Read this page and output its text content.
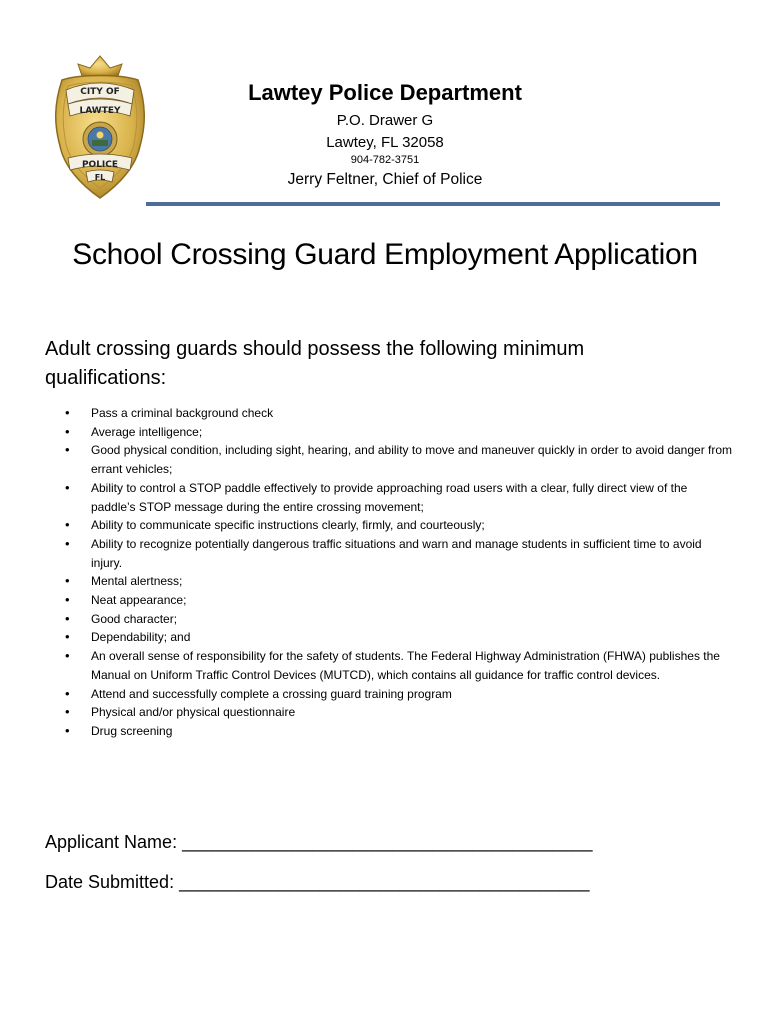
CITY OF
LAWTEY
POLICE
FL
Lawtey Police Department
P.O. Drawer G
Lawtey, FL 32058
904-782-3751
Jerry Feltner, Chief of Police
School Crossing Guard Employment Application
Adult crossing guards should possess the following minimum qualifications:
• Pass a criminal background check
• Average intelligence;
• Good physical condition, including sight, hearing, and ability to move and maneuver quickly in order to avoid danger from errant vehicles;
• Ability to control a STOP paddle effectively to provide approaching road users with a clear, fully direct view of the paddle’s STOP message during the entire crossing movement;
• Ability to communicate specific instructions clearly, firmly, and courteously;
• Ability to recognize potentially dangerous traffic situations and warn and manage students in sufficient time to avoid injury.
• Mental alertness;
• Neat appearance;
• Good character;
• Dependability; and
• An overall sense of responsibility for the safety of students. The Federal Highway Administration (FHWA) publishes the Manual on Uniform Traffic Control Devices (MUTCD), which contains all guidance for traffic control devices.
• Attend and successfully complete a crossing guard training program
• Physical and/or physical questionnaire
• Drug screening
Applicant Name: _________________________________________
Date Submitted: _________________________________________
